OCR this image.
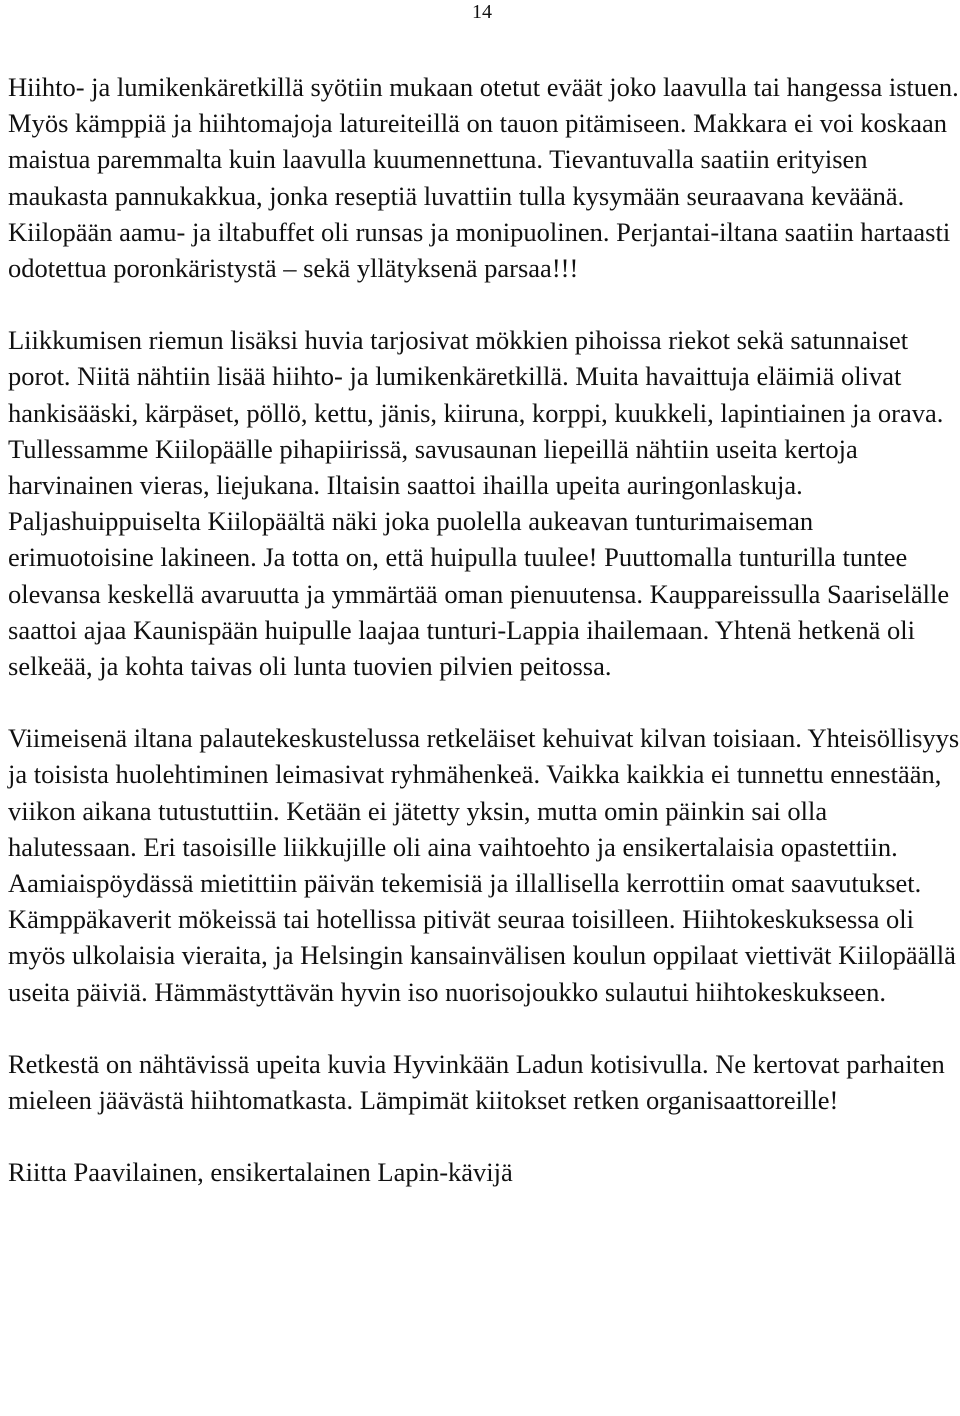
14

Hiihto- ja lumikenkäretkillä syötiin mukaan otetut eväät joko laavulla tai hangessa istuen. Myös kämppiä ja hiihtomajoja latureiteillä on tauon pitämiseen. Makkara ei voi koskaan maistua paremmalta kuin laavulla kuumennettuna. Tievantuvalla saatiin erityisen maukasta pannukakkua, jonka reseptiä luvattiin tulla kysymään seuraavana keväänä. Kiilopään aamu- ja iltabuffet oli runsas ja monipuolinen. Perjantai-iltana saatiin hartaasti odotettua poronkäristystä – sekä yllätyksenä parsaa!!!

Liikkumisen riemun lisäksi huvia tarjosivat mökkien pihoissa riekot sekä satunnaiset porot. Niitä nähtiin lisää hiihto- ja lumikenkäretkillä. Muita havaittuja eläimiä olivat hankisääski, kärpäset, pöllö, kettu, jänis, kiiruna, korppi, kuukkeli, lapintiainen ja orava. Tullessamme Kiilopäälle pihapiirissä, savusaunan liepeillä nähtiin useita kertoja harvinainen vieras, liejukana. Iltaisin saattoi ihailla upeita auringonlaskuja. Paljashuippuiselta Kiilopäältä näki joka puolella aukeavan tunturimaiseman erimuotoisine lakineen. Ja totta on, että huipulla tuulee! Puuttomalla tunturilla tuntee olevansa keskellä avaruutta ja ymmärtää oman pienuutensa. Kauppareissulla Saariselälle saattoi ajaa Kaunispään huipulle laajaa tunturi-Lappia ihailemaan. Yhtenä hetkenä oli selkeää, ja kohta taivas oli lunta tuovien pilvien peitossa.

Viimeisenä iltana palautekeskustelussa retkeläiset kehuivat kilvan toisiaan. Yhteisöllisyys ja toisista huolehtiminen leimasivat ryhmähenkeä. Vaikka kaikkia ei tunnettu ennestään, viikon aikana tutustuttiin. Ketään ei jätetty yksin, mutta omin päinkin sai olla halutessaan. Eri tasoisille liikkujille oli aina vaihtoehto ja ensikertalaisia opastettiin. Aamiaispöydässä mietittiin päivän tekemisiä ja illallisella kerrottiin omat saavutukset. Kämppäkaverit mökeissä tai hotellissa pitivät seuraa toisilleen. Hiihtokeskuksessa oli myös ulkolaisia vieraita, ja Helsingin kansainvälisen koulun oppilaat viettivät Kiilopäällä useita päiviä. Hämmästyttävän hyvin iso nuorisojoukko sulautui hiihtokeskukseen.

Retkestä on nähtävissä upeita kuvia Hyvinkään Ladun kotisivulla. Ne kertovat parhaiten mieleen jäävästä hiihtomatkasta. Lämpimät kiitokset retken organisaattoreille!

Riitta Paavilainen, ensikertalainen Lapin-kävijä
